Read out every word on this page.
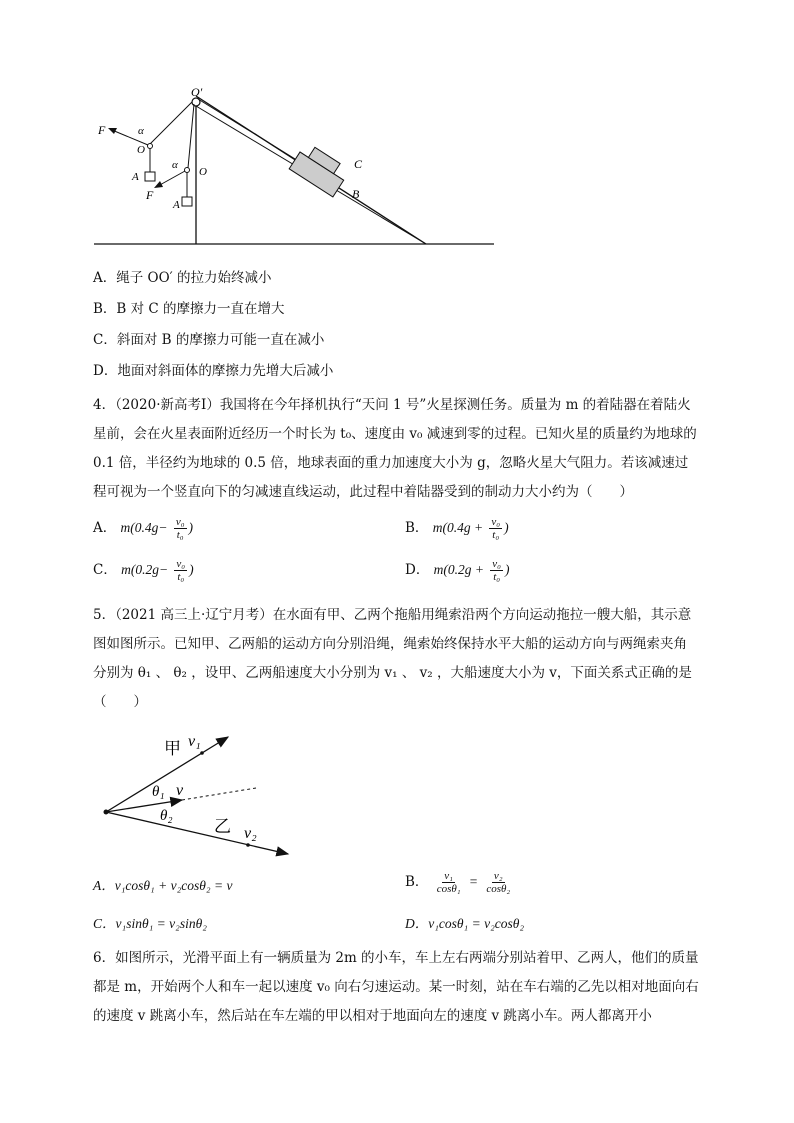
O′
F	α
O
A
α
O
F
A
C
B
A．绳子 OO′ 的拉力始终减小
B．B 对 C 的摩擦力一直在增大
C．斜面对 B 的摩擦力可能一直在减小
D．地面对斜面体的摩擦力先增大后减小
4．（2020·新高考Ⅰ）我国将在今年择机执行“天问 1 号”火星探测任务。质量为 m 的着陆器在着陆火星前，会在火星表面附近经历一个时长为 t₀、速度由 v₀ 减速到零的过程。已知火星的质量约为地球的 0.1 倍，半径约为地球的 0.5 倍，地球表面的重力加速度大小为 g，忽略火星大气阻力。若该减速过程可视为一个竖直向下的匀减速直线运动，此过程中着陆器受到的制动力大小约为（　　）
A． $m(0.4g- \frac{\text{v₀}}{\text{t₀}}$ )	B． $m(0.4g + \frac{\text{v₀}}{\text{t₀}}$ )
C． $m(0.2g- \frac{\text{v₀}}{\text{t₀}}$ )	D． $m(0.2g + \frac{\text{v₀}}{\text{t₀}}$ )
5．（2021 高三上·辽宁月考）在水面有甲、乙两个拖船用绳索沿两个方向运动拖拉一艘大船，其示意图如图所示。已知甲、乙两船的运动方向分别沿绳，绳索始终保持水平大船的运动方向与两绳索夹角分别为 θ₁ 、 θ₂ ，设甲、乙两船速度大小分别为 v₁ 、 v₂ ，大船速度大小为 v，下面关系式正确的是（　　）
甲 v₁
θ₁ v
θ₂
乙 v₂
A．v₁cosθ₁ + v₂cosθ₂ = v	B． $\frac{\text{v₁}}{\text{cosθ₁}} = \frac{\text{v₂}}{\text{cosθ₂}}$
C．v₁sinθ₁ = v₂sinθ₂	D．v₁cosθ₁ = v₂cosθ₂
6．如图所示，光滑平面上有一辆质量为 2m 的小车，车上左右两端分别站着甲、乙两人，他们的质量都是 m，开始两个人和车一起以速度 v₀ 向右匀速运动。某一时刻，站在车右端的乙先以相对地面向右的速度 v 跳离小车，然后站在车左端的甲以相对于地面向左的速度 v 跳离小车。两人都离开小
